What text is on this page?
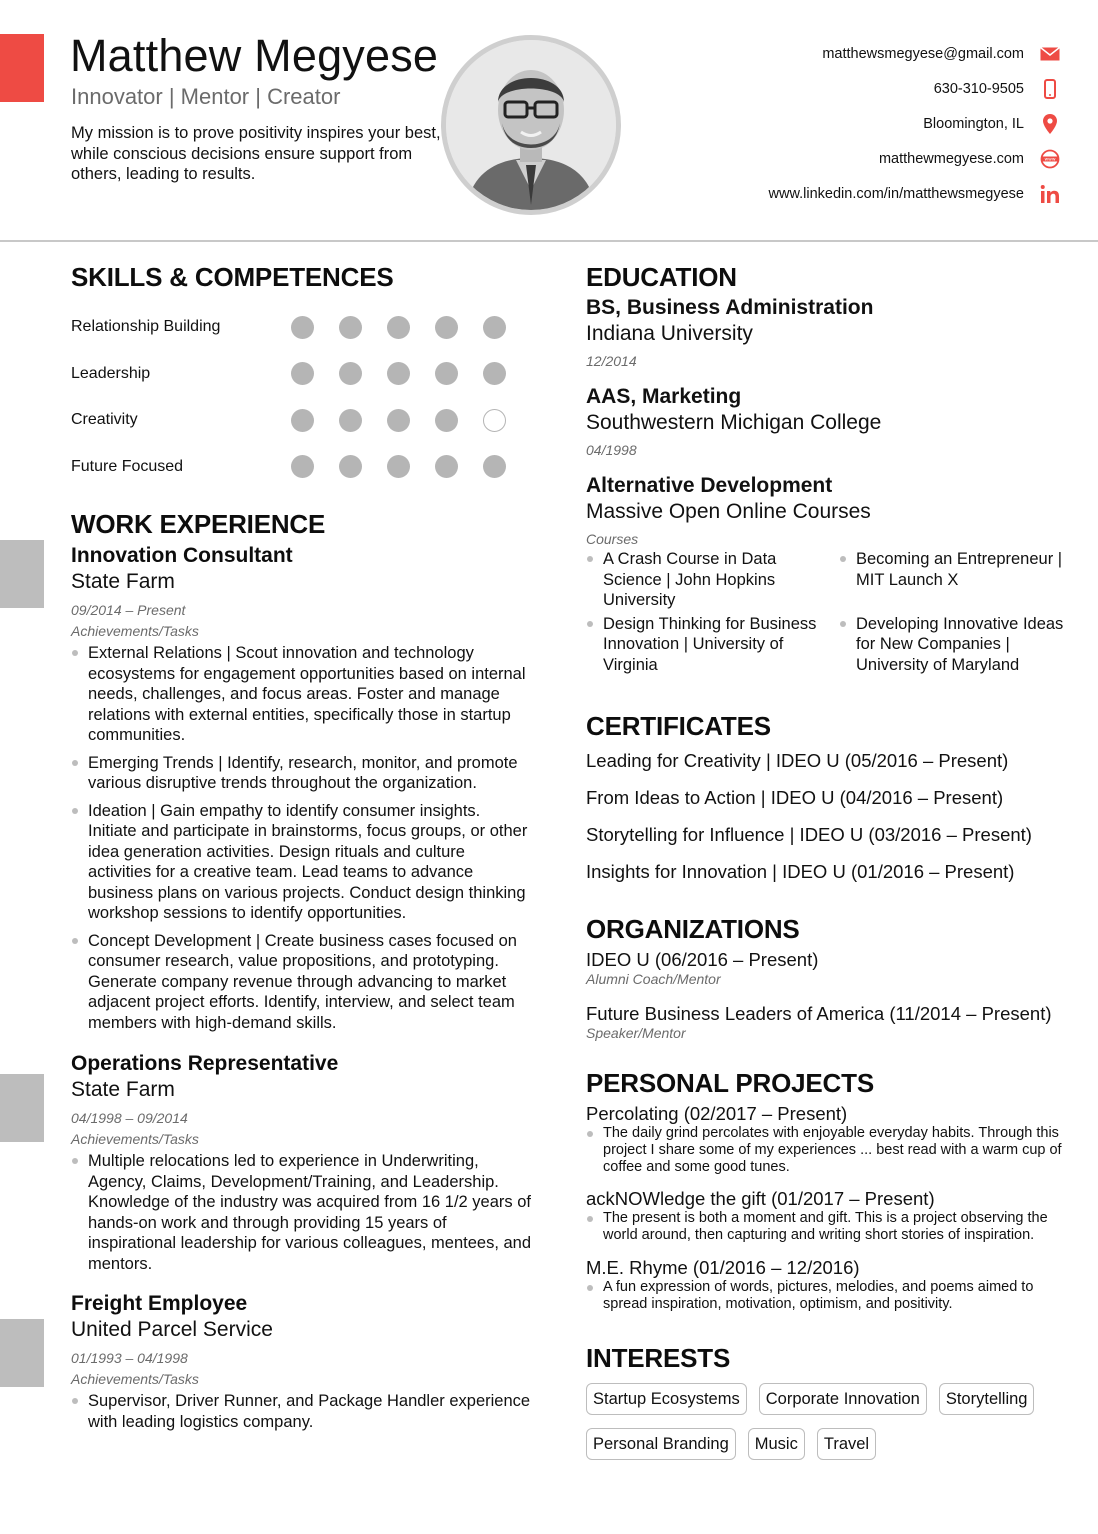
Matthew Megyese
Innovator | Mentor | Creator
My mission is to prove positivity inspires your best, while conscious decisions ensure support from others, leading to results.
matthewsmegyese@gmail.com
630-310-9505
Bloomington, IL
matthewmegyese.com	www
www.linkedin.com/in/matthewsmegyese
SKILLS & COMPETENCES
Relationship Building
Leadership
Creativity
Future Focused
WORK EXPERIENCE
Innovation Consultant
State Farm
09/2014 – Present
Achievements/Tasks
External Relations | Scout innovation and technology ecosystems for engagement opportunities based on internal needs, challenges, and focus areas. Foster and manage relations with external entities, specifically those in startup communities.
Emerging Trends | Identify, research, monitor, and promote various disruptive trends throughout the organization.
Ideation | Gain empathy to identify consumer insights. Initiate and participate in brainstorms, focus groups, or other idea generation activities. Design rituals and culture activities for a creative team. Lead teams to advance business plans on various projects. Conduct design thinking workshop sessions to identify opportunities.
Concept Development | Create business cases focused on consumer research, value propositions, and prototyping. Generate company revenue through advancing to market adjacent project efforts. Identify, interview, and select team members with high-demand skills.
Operations Representative
State Farm
04/1998 – 09/2014
Achievements/Tasks
Multiple relocations led to experience in Underwriting, Agency, Claims, Development/Training, and Leadership. Knowledge of the industry was acquired from 16 1/2 years of hands-on work and through providing 15 years of inspirational leadership for various colleagues, mentees, and mentors.
Freight Employee
United Parcel Service
01/1993 – 04/1998
Achievements/Tasks
Supervisor, Driver Runner, and Package Handler experience with leading logistics company.
EDUCATION
BS, Business Administration
Indiana University
12/2014
AAS, Marketing
Southwestern Michigan College
04/1998
Alternative Development
Massive Open Online Courses
Courses
A Crash Course in Data Science | John Hopkins University
Becoming an Entrepreneur | MIT Launch X
Design Thinking for Business Innovation | University of Virginia
Developing Innovative Ideas for New Companies | University of Maryland
CERTIFICATES
Leading for Creativity | IDEO U (05/2016 – Present)
From Ideas to Action | IDEO U (04/2016 – Present)
Storytelling for Influence | IDEO U (03/2016 – Present)
Insights for Innovation | IDEO U (01/2016 – Present)
ORGANIZATIONS
IDEO U (06/2016 – Present)
Alumni Coach/Mentor
Future Business Leaders of America (11/2014 – Present)
Speaker/Mentor
PERSONAL PROJECTS
Percolating (02/2017 – Present)
The daily grind percolates with enjoyable everyday habits. Through this project I share some of my experiences ... best read with a warm cup of coffee and some good tunes.
ackNOWledge the gift (01/2017 – Present)
The present is both a moment and gift. This is a project observing the world around, then capturing and writing short stories of inspiration.
M.E. Rhyme (01/2016 – 12/2016)
A fun expression of words, pictures, melodies, and poems aimed to spread inspiration, motivation, optimism, and positivity.
INTERESTS
Startup Ecosystems	Corporate Innovation	Storytelling
Personal Branding	Music	Travel
